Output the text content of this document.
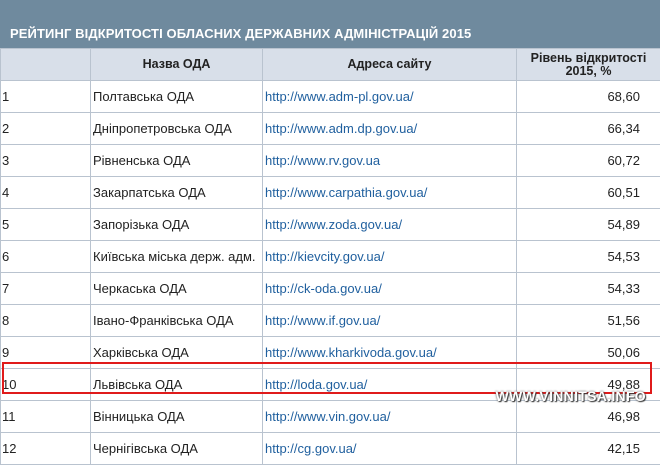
РЕЙТИНГ ВІДКРИТОСТІ ОБЛАСНИХ ДЕРЖАВНИХ АДМІНІСТРАЦІЙ 2015
	Назва ОДА	Адреса сайту	Рівень відкритості 2015, %
1	Полтавська ОДА	http://www.adm-pl.gov.ua/	68,60
2	Дніпропетровська ОДА	http://www.adm.dp.gov.ua/	66,34
3	Рівненська ОДА	http://www.rv.gov.ua	60,72
4	Закарпатська ОДА	http://www.carpathia.gov.ua/	60,51
5	Запорізька ОДА	http://www.zoda.gov.ua/	54,89
6	Київська міська держ. адм.	http://kievcity.gov.ua/	54,53
7	Черкаська ОДА	http://ck-oda.gov.ua/	54,33
8	Івано-Франківська ОДА	http://www.if.gov.ua/	51,56
9	Харківська ОДА	http://www.kharkivoda.gov.ua/	50,06
10	Львівська ОДА	http://loda.gov.ua/	49,88
11	Вінницька ОДА	http://www.vin.gov.ua/	46,98
12	Чернігівська ОДА	http://cg.gov.ua/	42,15
WWW.VINNITSA.INFO
